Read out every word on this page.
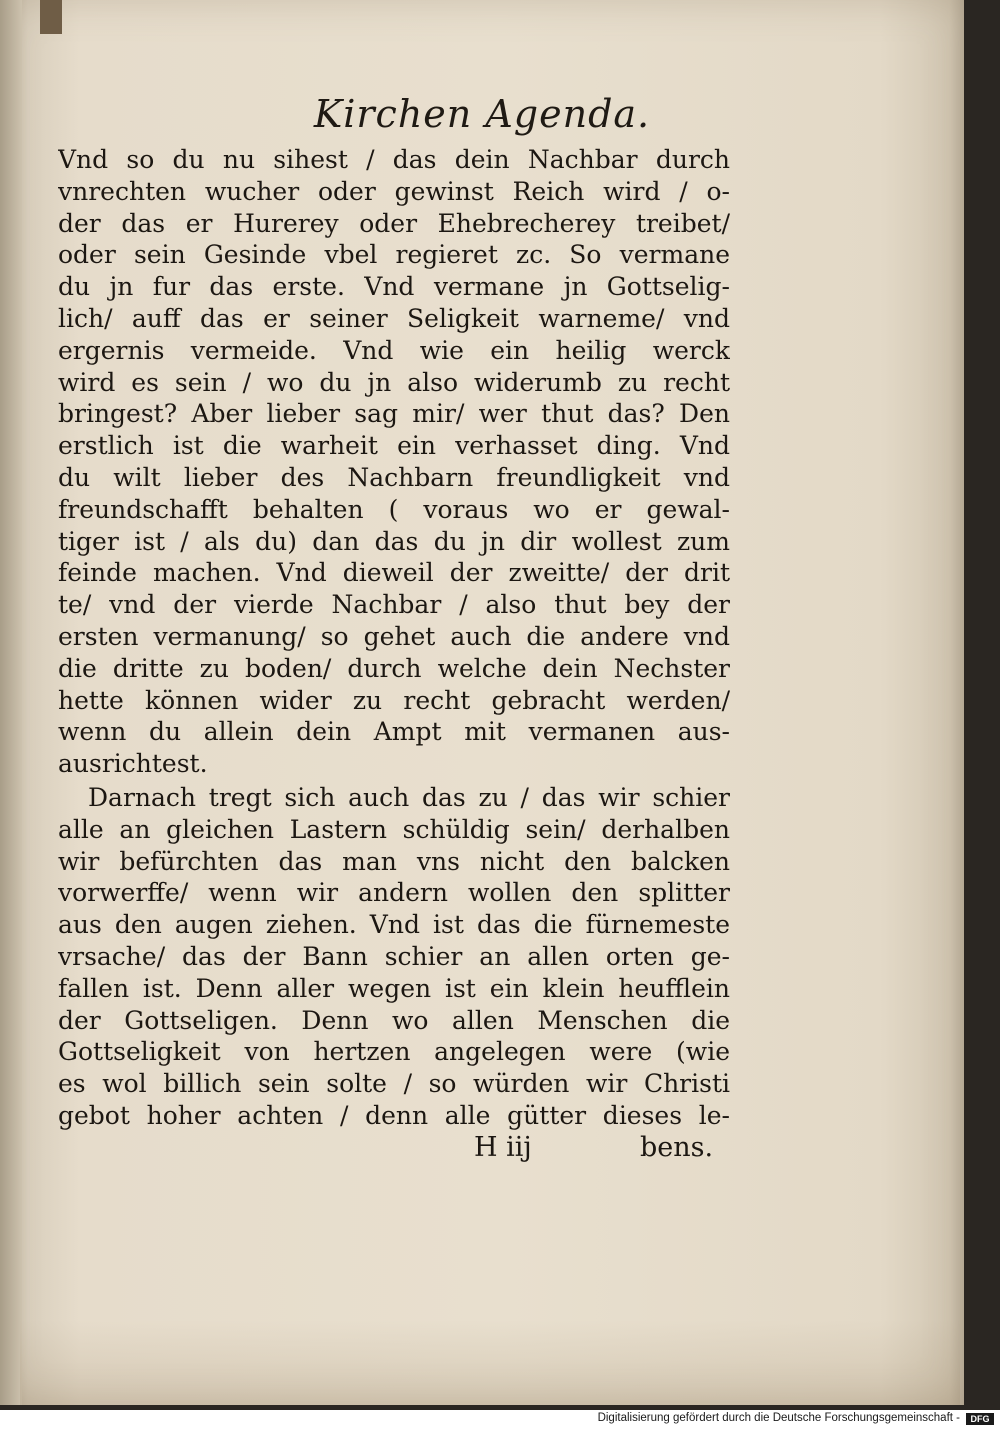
Kirchen Agenda.
Vnd so du nu sihest / das dein Nachbar durch
vnrechten wucher oder gewinst Reich wird / o-
der das er Hurerey oder Ehebrecherey treibet/
oder sein Gesinde vbel regieret zc. So vermane
du jn fur das erste. Vnd vermane jn Gottselig-
lich/ auff das er seiner Seligkeit warneme/ vnd
ergernis vermeide. Vnd wie ein heilig werck
wird es sein / wo du jn also widerumb zu recht
bringest? Aber lieber sag mir/ wer thut das? Den
erstlich ist die warheit ein verhasset ding. Vnd
du wilt lieber des Nachbarn freundligkeit vnd
freundschafft behalten ( voraus wo er gewal-
tiger ist / als du) dan das du jn dir wollest zum
feinde machen. Vnd dieweil der zweitte/ der drit
te/ vnd der vierde Nachbar / also thut bey der
ersten vermanung/ so gehet auch die andere vnd
die dritte zu boden/ durch welche dein Nechster
hette können wider zu recht gebracht werden/
wenn du allein dein Ampt mit vermanen aus-
ausrichtest.
Darnach tregt sich auch das zu / das wir schier
alle an gleichen Lastern schüldig sein/ derhalben
wir befürchten das man vns nicht den balcken
vorwerffe/ wenn wir andern wollen den splitter
aus den augen ziehen. Vnd ist das die fürnemeste
vrsache/ das der Bann schier an allen orten ge-
fallen ist. Denn aller wegen ist ein klein heufflein
der Gottseligen. Denn wo allen Menschen die
Gottseligkeit von hertzen angelegen were (wie
es wol billich sein solte / so würden wir Christi
gebot hoher achten / denn alle gütter dieses le-
H iij	bens.
Digitalisierung gefördert durch die Deutsche Forschungsgemeinschaft -	DFG
